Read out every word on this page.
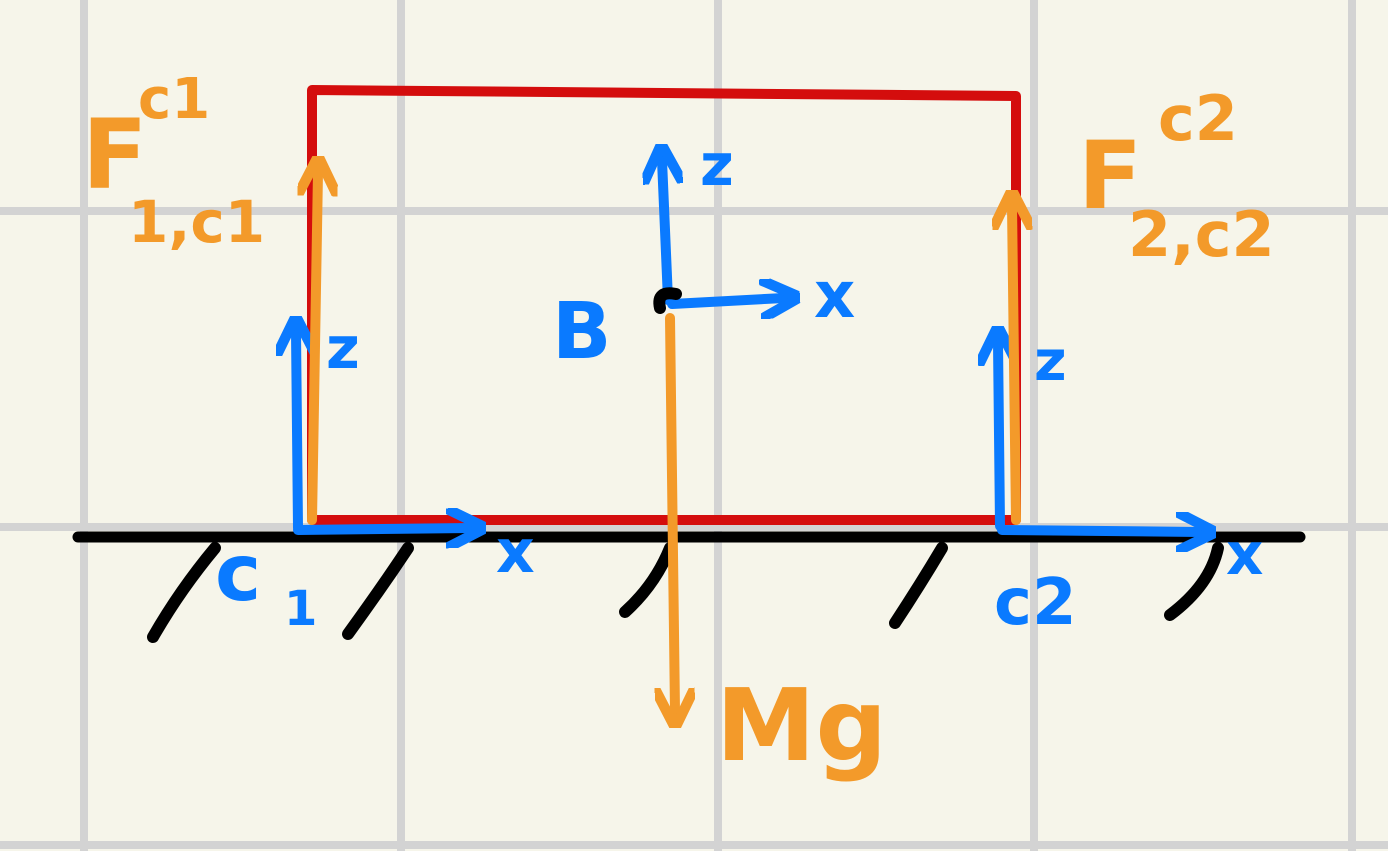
B
z
x
z
x
c 1
z
x
c2
F
c1
1,c1	F
c2
2,c2
Mg
